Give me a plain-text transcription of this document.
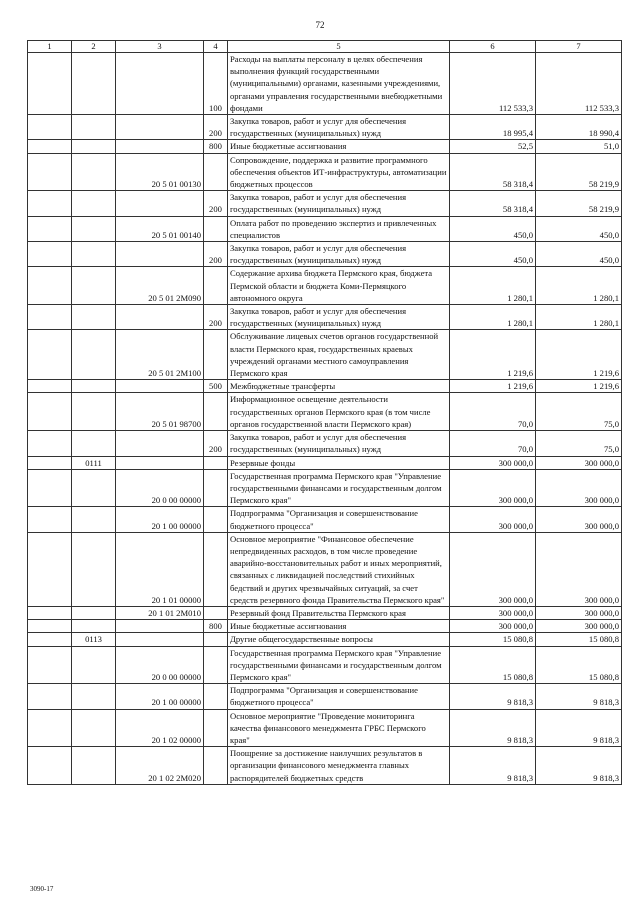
72
1	2	3	4	5	6	7
			100	Расходы на выплаты персоналу в целях обеспечения выполнения функций государственными (муниципальными) органами, казенными учреждениями, органами управления государственными внебюджетными фондами	112 533,3	112 533,3
			200	Закупка товаров, работ и услуг для обеспечения государственных (муниципальных) нужд	18 995,4	18 990,4
			800	Иные бюджетные ассигнования	52,5	51,0
		20 5 01 00130		Сопровождение, поддержка и развитие программного обеспечения объектов ИТ-инфраструктуры, автоматизации бюджетных процессов	58 318,4	58 219,9
			200	Закупка товаров, работ и услуг для обеспечения государственных (муниципальных) нужд	58 318,4	58 219,9
		20 5 01 00140		Оплата работ по проведению экспертиз и привлеченных специалистов	450,0	450,0
			200	Закупка товаров, работ и услуг для обеспечения государственных (муниципальных) нужд	450,0	450,0
		20 5 01 2М090		Содержание архива бюджета Пермского края, бюджета Пермской области и бюджета Коми-Пермяцкого автономного округа	1 280,1	1 280,1
			200	Закупка товаров, работ и услуг для обеспечения государственных (муниципальных) нужд	1 280,1	1 280,1
		20 5 01 2М100		Обслуживание лицевых счетов органов государственной власти Пермского края, государственных краевых учреждений органами местного самоуправления Пермского края	1 219,6	1 219,6
			500	Межбюджетные трансферты	1 219,6	1 219,6
		20 5 01 98700		Информационное освещение деятельности государственных органов Пермского края (в том числе органов государственной власти Пермского края)	70,0	75,0
			200	Закупка товаров, работ и услуг для обеспечения государственных (муниципальных) нужд	70,0	75,0
	0111			Резервные фонды	300 000,0	300 000,0
		20 0 00 00000		Государственная программа Пермского края "Управление государственными финансами и государственным долгом Пермского края"	300 000,0	300 000,0
		20 1 00 00000		Подпрограмма "Организация и совершенствование бюджетного процесса"	300 000,0	300 000,0
		20 1 01 00000		Основное мероприятие "Финансовое обеспечение непредвиденных расходов, в том числе проведение аварийно-восстановительных работ и иных мероприятий, связанных с ликвидацией последствий стихийных бедствий и других чрезвычайных ситуаций, за счет средств резервного фонда Правительства Пермского края"	300 000,0	300 000,0
		20 1 01 2М010		Резервный фонд Правительства Пермского края	300 000,0	300 000,0
			800	Иные бюджетные ассигнования	300 000,0	300 000,0
	0113			Другие общегосударственные вопросы	15 080,8	15 080,8
		20 0 00 00000		Государственная программа Пермского края "Управление государственными финансами и государственным долгом Пермского края"	15 080,8	15 080,8
		20 1 00 00000		Подпрограмма "Организация и совершенствование бюджетного процесса"	9 818,3	9 818,3
		20 1 02 00000		Основное мероприятие "Проведение мониторинга качества финансового менеджмента ГРБС Пермского края"	9 818,3	9 818,3
		20 1 02 2М020		Поощрение за достижение наилучших результатов в организации финансового менеджмента главных распорядителей бюджетных средств	9 818,3	9 818,3
3090-17
